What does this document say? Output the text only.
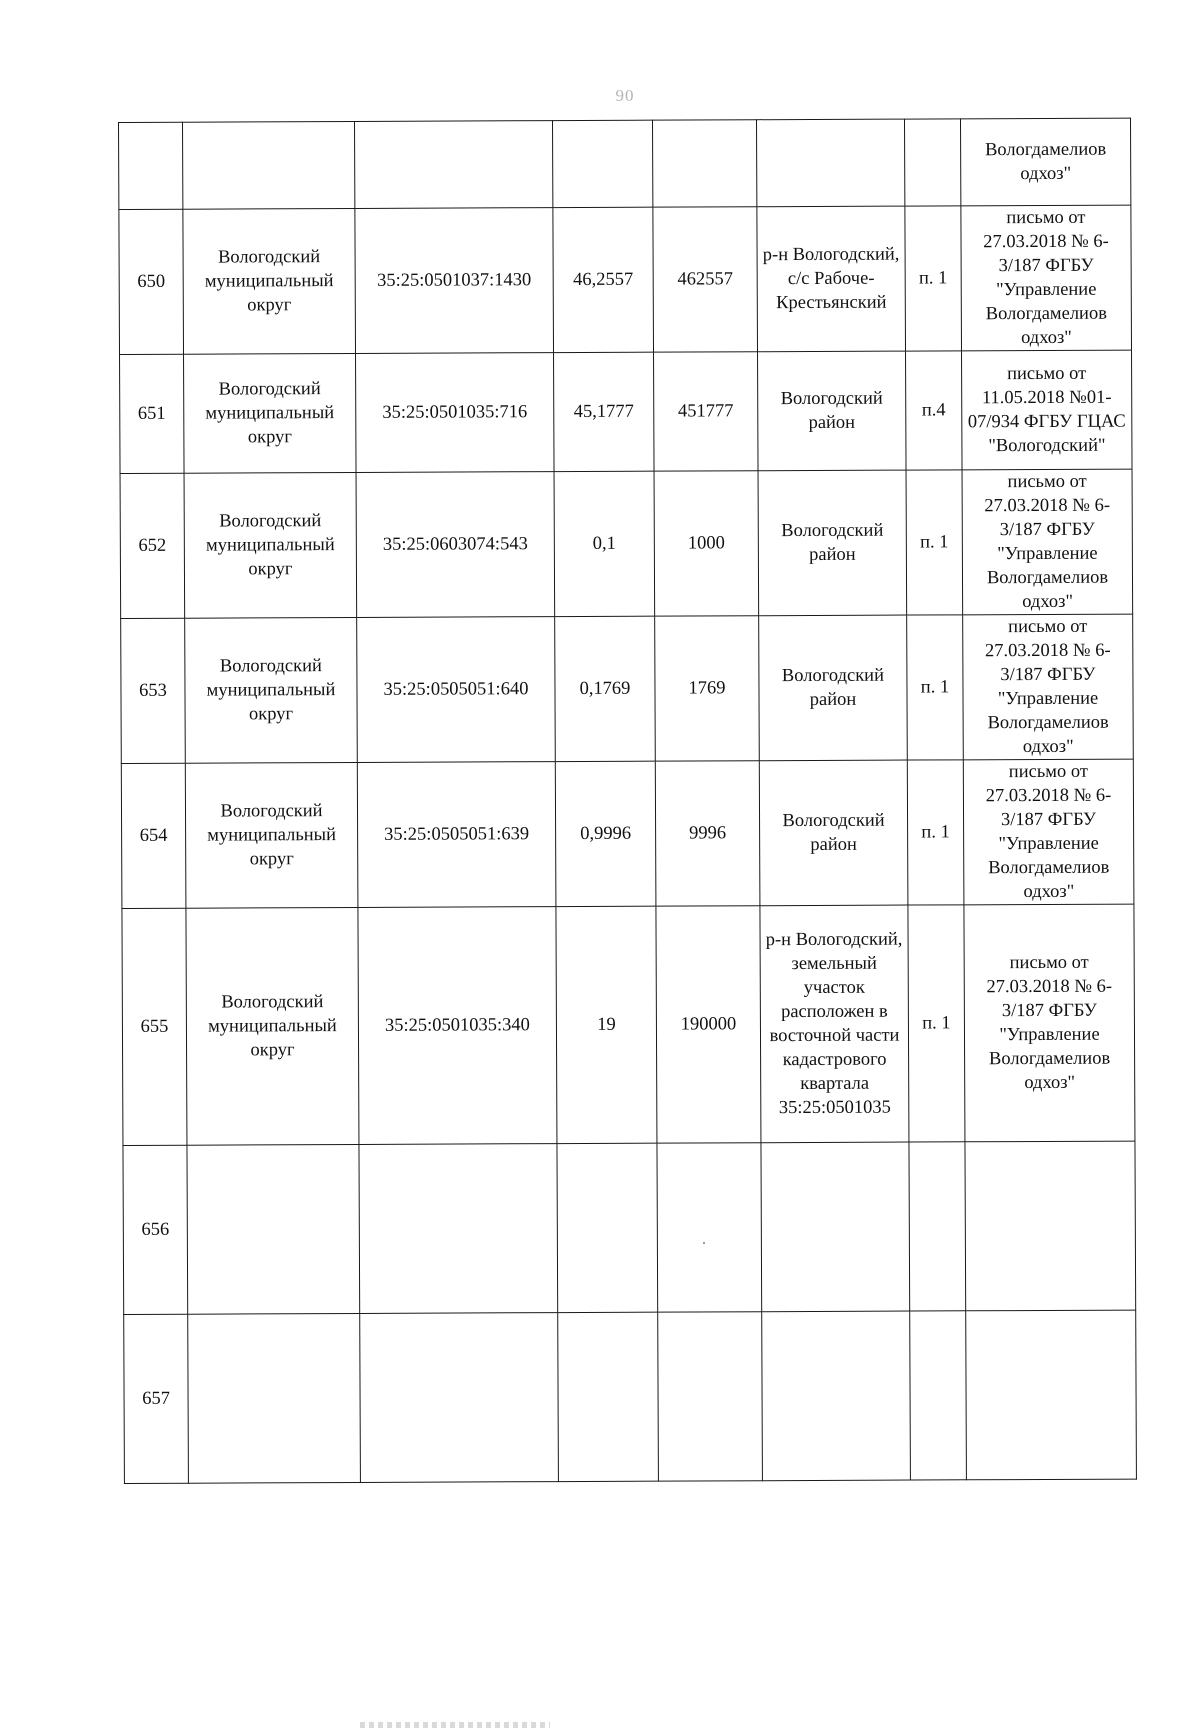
90
							Вологдамелиов одхоз"
650	Вологодский муниципальный округ	35:25:0501037:1430	46,2557	462557	р-н Вологодский, с/с Рабоче-Крестьянский	п. 1	письмо от 27.03.2018 № 6-3/187 ФГБУ "Управление Вологдамелиов одхоз"
651	Вологодский муниципальный округ	35:25:0501035:716	45,1777	451777	Вологодский район	п.4	письмо от 11.05.2018 №01-07/934 ФГБУ ГЦАС "Вологодский"
652	Вологодский муниципальный округ	35:25:0603074:543	0,1	1000	Вологодский район	п. 1	письмо от 27.03.2018 № 6-3/187 ФГБУ "Управление Вологдамелиов одхоз"
653	Вологодский муниципальный округ	35:25:0505051:640	0,1769	1769	Вологодский район	п. 1	письмо от 27.03.2018 № 6-3/187 ФГБУ "Управление Вологдамелиов одхоз"
654	Вологодский муниципальный округ	35:25:0505051:639	0,9996	9996	Вологодский район	п. 1	письмо от 27.03.2018 № 6-3/187 ФГБУ "Управление Вологдамелиов одхоз"
655	Вологодский муниципальный округ	35:25:0501035:340	19	190000	р-н Вологодский, земельный участок расположен в восточной части кадастрового квартала 35:25:0501035	п. 1	письмо от 27.03.2018 № 6-3/187 ФГБУ "Управление Вологдамелиов одхоз"
656							
657							
